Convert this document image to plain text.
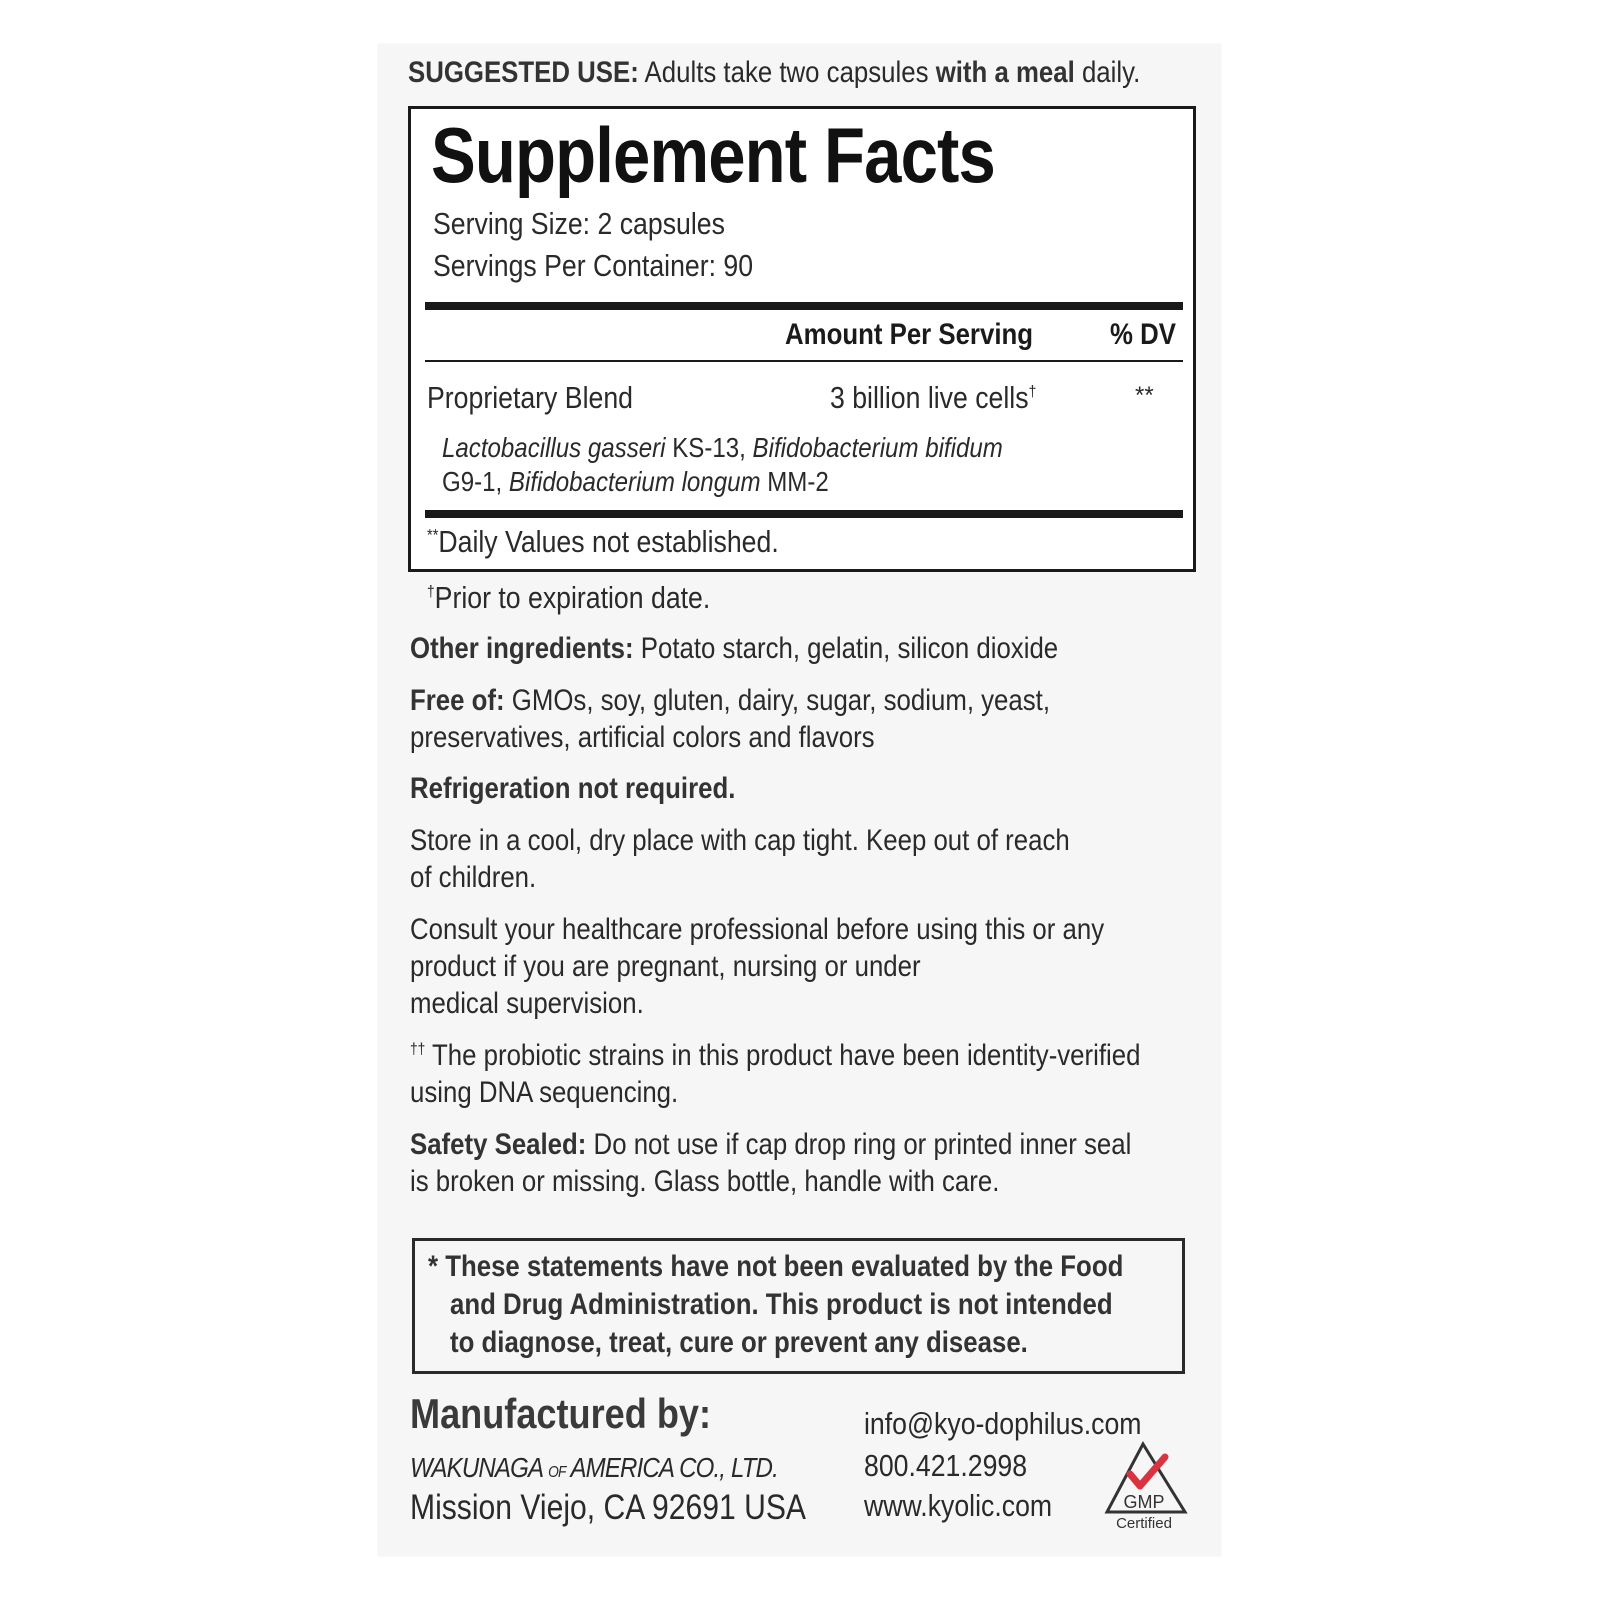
SUGGESTED USE: Adults take two capsules with a meal daily.
Supplement Facts
Serving Size: 2 capsules
Servings Per Container: 90
Amount Per Serving	% DV
Proprietary Blend	3 billion live cells†	**
Lactobacillus gasseri KS-13, Bifidobacterium bifidum
G9-1, Bifidobacterium longum MM-2
**Daily Values not established.
†Prior to expiration date.
Other ingredients: Potato starch, gelatin, silicon dioxide
Free of: GMOs, soy, gluten, dairy, sugar, sodium, yeast,
preservatives, artificial colors and flavors
Refrigeration not required.
Store in a cool, dry place with cap tight. Keep out of reach
of children.
Consult your healthcare professional before using this or any
product if you are pregnant, nursing or under
medical supervision.
†† The probiotic strains in this product have been identity-verified
using DNA sequencing.
Safety Sealed: Do not use if cap drop ring or printed inner seal
is broken or missing. Glass bottle, handle with care.
* These statements have not been evaluated by the Food
and Drug Administration. This product is not intended
to diagnose, treat, cure or prevent any disease.
Manufactured by:
WAKUNAGA OF AMERICA CO., LTD.
Mission Viejo, CA 92691 USA
info@kyo-dophilus.com
800.421.2998
www.kyolic.com	GMP
Certified
